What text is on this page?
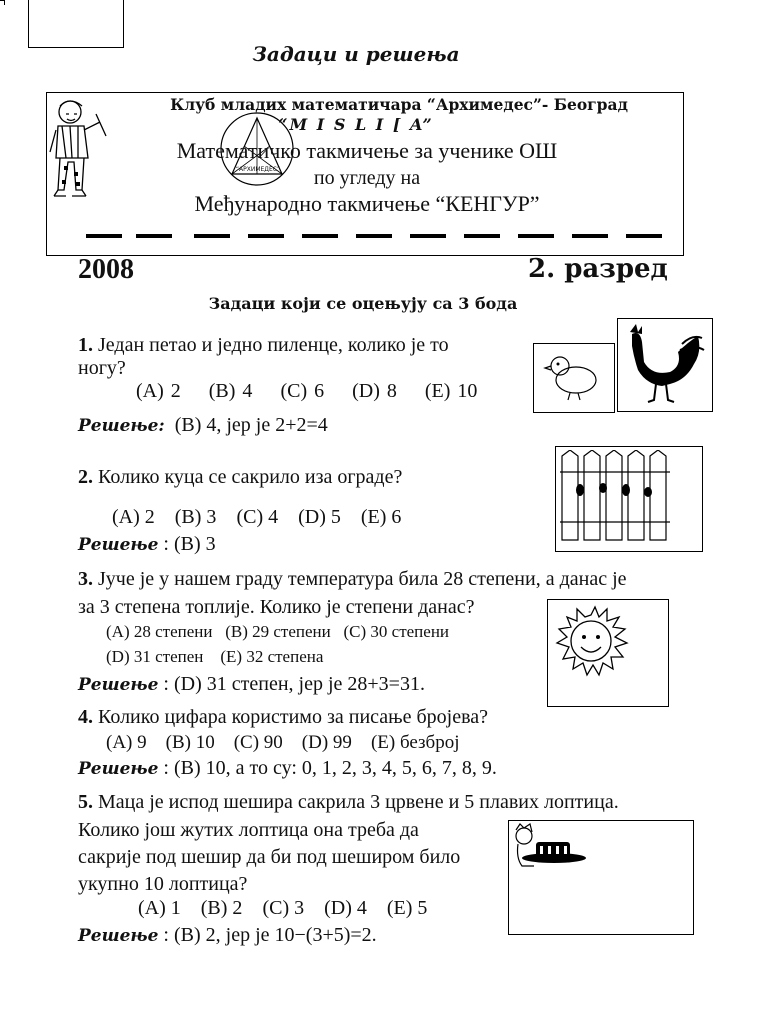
Задаци и решења
“АРХИМЕДЕС”
Клуб младих математичара “Архимедес”- Београд
“M I S L I [ A”
Математичко такмичење за ученике ОШ
по угледу на
Међународно такмичење “КЕНГУР”
2008	2. разред
Задаци који се оцењују са 3 бода
1. Један петао и једно пиленце, колико је то
ногу?
(A) 2 (B) 4 (C) 6 (D) 8 (E) 10
Решење: (B) 4, јер је 2+2=4
2. Колико куца се сакрило иза ограде?
(A) 2 (B) 3 (C) 4 (D) 5 (E) 6
Решење : (B) 3
3. Јуче је у нашем граду температура била 28 степени, а данас је
за 3 степена топлије. Колико је степени данас?
(A) 28 степени (B) 29 степени (C) 30 степени
(D) 31 степен (E) 32 степена
Решење : (D) 31 степен, јер је 28+3=31.
4. Колико цифара користимо за писање бројева?
(A) 9 (B) 10 (C) 90 (D) 99 (E) безброј
Решење : (B) 10, а то су: 0, 1, 2, 3, 4, 5, 6, 7, 8, 9.
5. Маца је испод шешира сакрила 3 црвене и 5 плавих лоптица.
Колико још жутих лоптица она треба да
сакрије под шешир да би под шеширом било
укупно 10 лоптица?
(A) 1 (B) 2 (C) 3 (D) 4 (E) 5
Решење : (B) 2, јер је 10−(3+5)=2.
